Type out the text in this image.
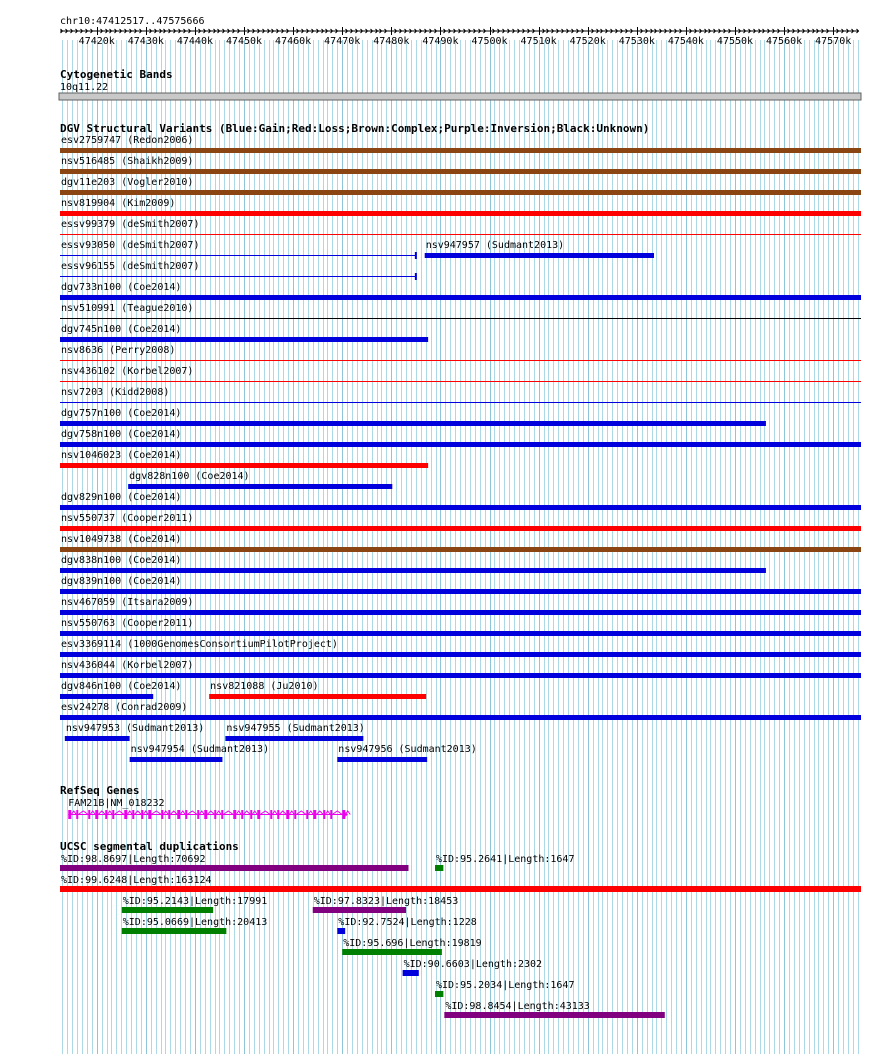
chr10:47412517..47575666
47420k 47430k 47440k 47450k 47460k 47470k 47480k 47490k 47500k 47510k 47520k 47530k 47540k 47550k 47560k 47570k
Cytogenetic Bands
10q11.22
DGV Structural Variants (Blue:Gain;Red:Loss;Brown:Complex;Purple:Inversion;Black:Unknown)
esv2759747 (Redon2006)
nsv516485 (Shaikh2009)
dgv11e203 (Vogler2010)
nsv819904 (Kim2009)
essv99379 (deSmith2007)
essv93050 (deSmith2007)	nsv947957 (Sudmant2013)
essv96155 (deSmith2007)
dgv733n100 (Coe2014)
nsv510991 (Teague2010)
dgv745n100 (Coe2014)
nsv8636 (Perry2008)
nsv436102 (Korbel2007)
nsv7203 (Kidd2008)
dgv757n100 (Coe2014)
dgv758n100 (Coe2014)
nsv1046023 (Coe2014)
dgv828n100 (Coe2014)
dgv829n100 (Coe2014)
nsv550737 (Cooper2011)
nsv1049738 (Coe2014)
dgv838n100 (Coe2014)
dgv839n100 (Coe2014)
nsv467059 (Itsara2009)
nsv550763 (Cooper2011)
esv3369114 (1000GenomesConsortiumPilotProject)
nsv436044 (Korbel2007)
dgv846n100 (Coe2014)	nsv821088 (Ju2010)
esv24278 (Conrad2009)
nsv947953 (Sudmant2013) nsv947955 (Sudmant2013)
nsv947954 (Sudmant2013)	nsv947956 (Sudmant2013)
RefSeq Genes
FAM21B|NM_018232
UCSC segmental duplications
%ID:98.8697|Length:70692	%ID:95.2641|Length:1647
%ID:99.6248|Length:163124
%ID:95.2143|Length:17991	%ID:97.8323|Length:18453
%ID:95.0669|Length:20413	%ID:92.7524|Length:1228
%ID:95.696|Length:19819
%ID:90.6603|Length:2302
%ID:95.2034|Length:1647
%ID:98.8454|Length:43133
